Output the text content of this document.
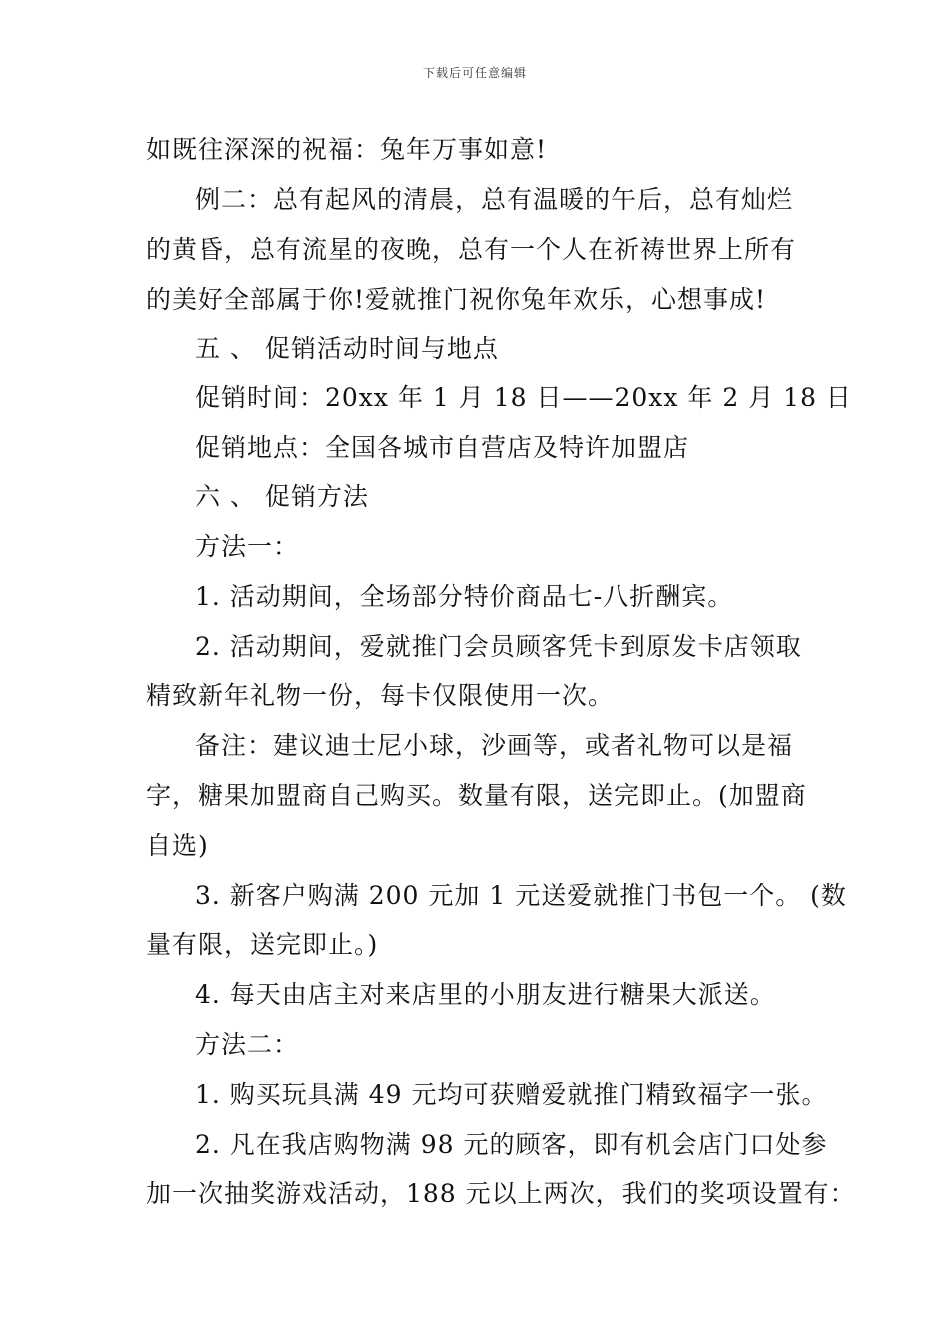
下载后可任意编辑
如既往深深的祝福：兔年万事如意!
例二：总有起风的清晨，总有温暖的午后，总有灿烂
的黄昏，总有流星的夜晚，总有一个人在祈祷世界上所有
的美好全部属于你!爱就推门祝你兔年欢乐，心想事成!
五 、 促销活动时间与地点
促销时间：20xx 年 1 月 18 日——20xx 年 2 月 18 日
促销地点：全国各城市自营店及特许加盟店
六 、 促销方法
方法一：
1. 活动期间，全场部分特价商品七-八折酬宾。
2. 活动期间，爱就推门会员顾客凭卡到原发卡店领取
精致新年礼物一份，每卡仅限使用一次。
备注：建议迪士尼小球，沙画等，或者礼物可以是福
字，糖果加盟商自己购买。数量有限，送完即止。(加盟商
自选)
3. 新客户购满 200 元加 1 元送爱就推门书包一个。 (数
量有限，送完即止。)
4. 每天由店主对来店里的小朋友进行糖果大派送。
方法二：
1. 购买玩具满 49 元均可获赠爱就推门精致福字一张。
2. 凡在我店购物满 98 元的顾客，即有机会店门口处参
加一次抽奖游戏活动，188 元以上两次，我们的奖项设置有：
